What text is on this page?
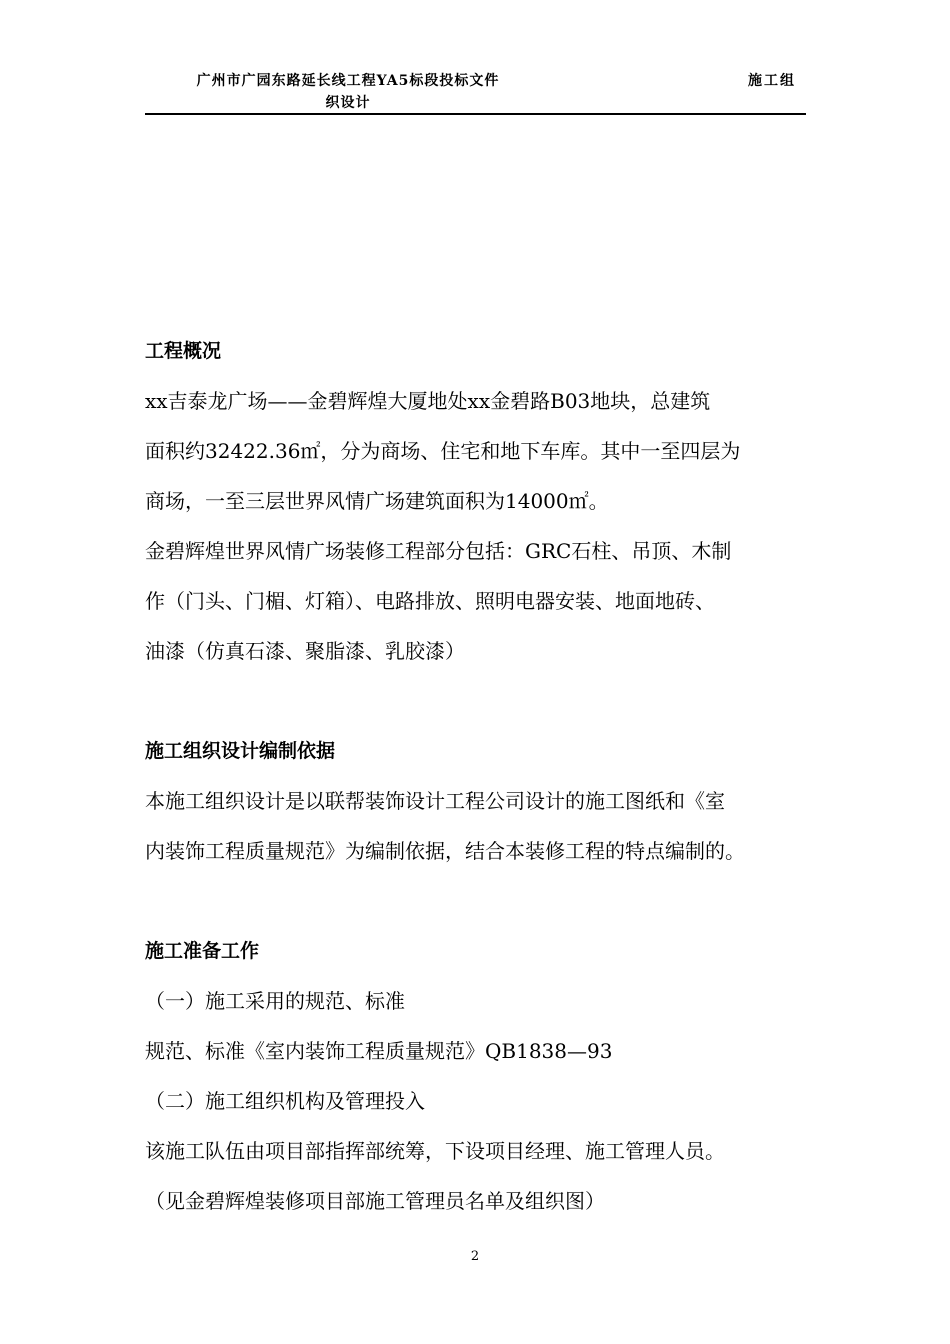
广州市广园东路延长线工程YA5标段投标文件
织设计
施工组
工程概况

xx吉泰龙广场——金碧辉煌大厦地处xx金碧路B03地块，总建筑

面积约32422.36㎡，分为商场、住宅和地下车库。其中一至四层为

商场，一至三层世界风情广场建筑面积为14000㎡。

金碧辉煌世界风情广场装修工程部分包括：GRC石柱、吊顶、木制

作（门头、门楣、灯箱）、电路排放、照明电器安装、地面地砖、

油漆（仿真石漆、聚脂漆、乳胶漆）

施工组织设计编制依据

本施工组织设计是以联帮装饰设计工程公司设计的施工图纸和《室

内装饰工程质量规范》为编制依据，结合本装修工程的特点编制的。

施工准备工作

（一）施工采用的规范、标准

规范、标准《室内装饰工程质量规范》QB1838—93

（二）施工组织机构及管理投入

该施工队伍由项目部指挥部统筹，下设项目经理、施工管理人员。

（见金碧辉煌装修项目部施工管理员名单及组织图）

2
